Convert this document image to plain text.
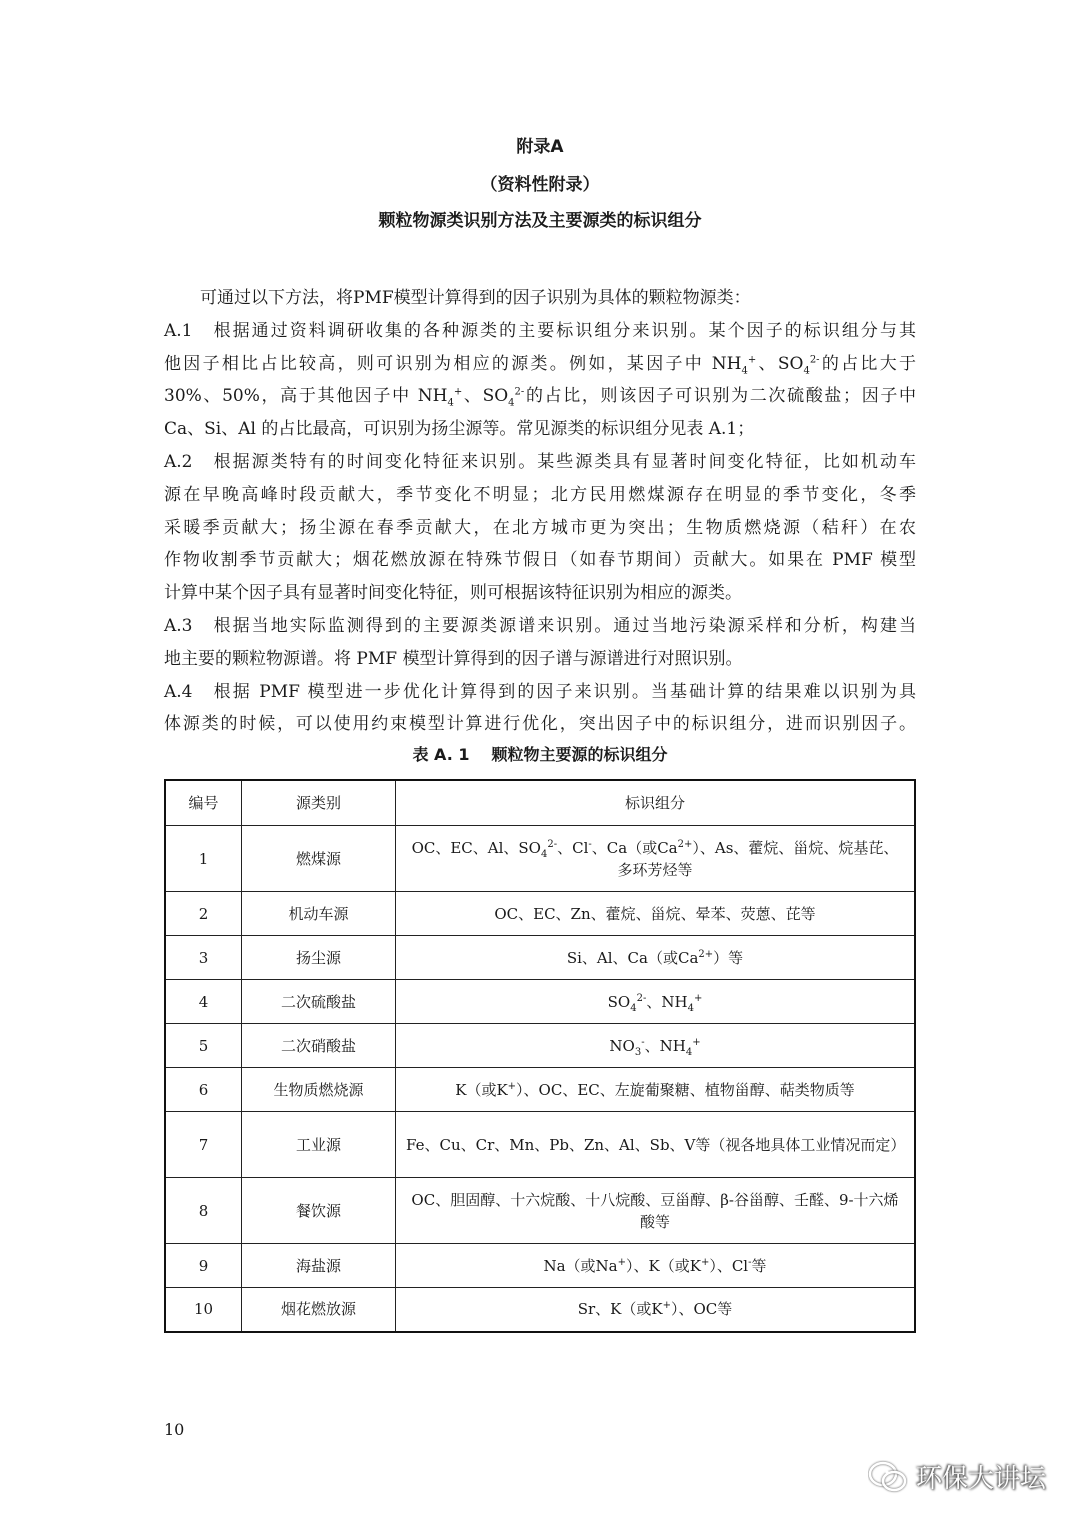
附录A
（资料性附录）
颗粒物源类识别方法及主要源类的标识组分
可通过以下方法，将PMF模型计算得到的因子识别为具体的颗粒物源类：
A.1　根据通过资料调研收集的各种源类的主要标识组分来识别。某个因子的标识组分与其
他因子相比占比较高，则可识别为相应的源类。例如，某因子中 $NH_4^+$、$SO_4^{2-}$的占比大于
30%、50%，高于其他因子中 $NH_4^+$、$SO_4^{2-}$的占比，则该因子可识别为二次硫酸盐；因子中
Ca、Si、Al 的占比最高，可识别为扬尘源等。常见源类的标识组分见表 A.1；
A.2　根据源类特有的时间变化特征来识别。某些源类具有显著时间变化特征，比如机动车
源在早晚高峰时段贡献大，季节变化不明显；北方民用燃煤源存在明显的季节变化，冬季
采暖季贡献大；扬尘源在春季贡献大，在北方城市更为突出；生物质燃烧源（秸秆）在农
作物收割季节贡献大；烟花燃放源在特殊节假日（如春节期间）贡献大。如果在 PMF 模型
计算中某个因子具有显著时间变化特征，则可根据该特征识别为相应的源类。
A.3　根据当地实际监测得到的主要源类源谱来识别。通过当地污染源采样和分析，构建当
地主要的颗粒物源谱。将 PMF 模型计算得到的因子谱与源谱进行对照识别。
A.4　根据 PMF 模型进一步优化计算得到的因子来识别。当基础计算的结果难以识别为具
体源类的时候，可以使用约束模型计算进行优化，突出因子中的标识组分，进而识别因子。
表 A. 1 颗粒物主要源的标识组分
编号	源类别	标识组分
1	燃煤源	OC、EC、Al、$SO_4^{2-}$、Cl-、Ca（或$Ca^{2+}$）、As、藿烷、甾烷、烷基芘、多环芳烃等
2	机动车源	OC、EC、Zn、藿烷、甾烷、晕苯、荧蒽、芘等
3	扬尘源	Si、Al、Ca（或$Ca^{2+}$）等
4	二次硫酸盐	$SO_4^{2-}$、$NH_4^+$
5	二次硝酸盐	$NO_3^-$、$NH_4^+$
6	生物质燃烧源	K（或K+）、OC、EC、左旋葡聚糖、植物甾醇、萜类物质等
7	工业源	Fe、Cu、Cr、Mn、Pb、Zn、Al、Sb、V等（视各地具体工业情况而定）
8	餐饮源	OC、胆固醇、十六烷酸、十八烷酸、豆甾醇、β-谷甾醇、壬醛、9-十六烯酸等
9	海盐源	Na（或Na+）、K（或K+）、Cl-等
10	烟花燃放源	Sr、K（或K+）、OC等
10
环保大讲坛
